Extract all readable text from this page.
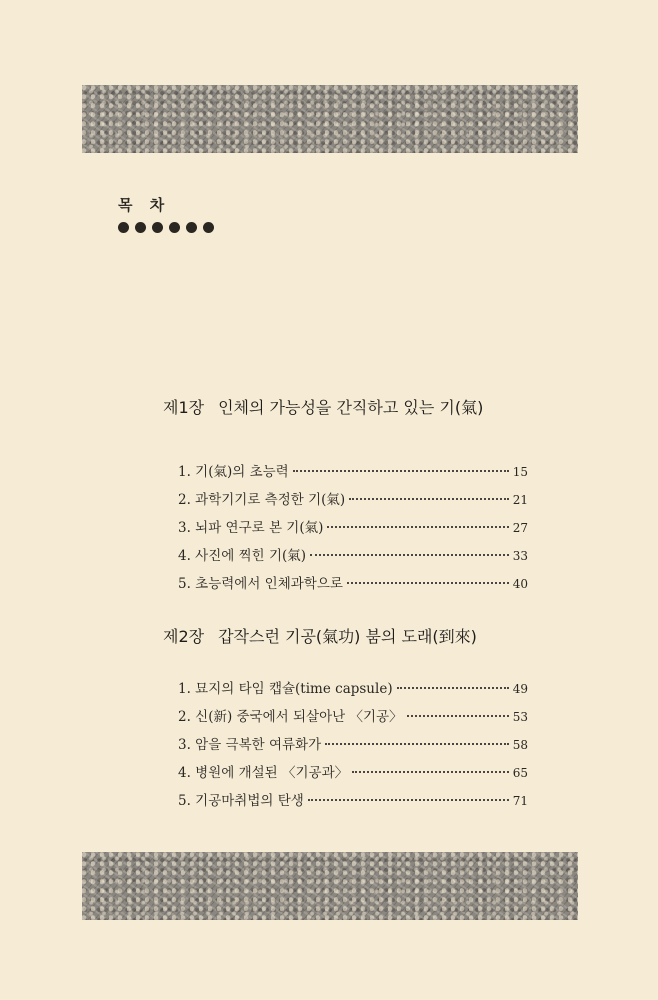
목 차
제1장 인체의 가능성을 간직하고 있는 기(氣)
1. 기(氣)의 초능력	15
2. 과학기기로 측정한 기(氣)	21
3. 뇌파 연구로 본 기(氣)	27
4. 사진에 찍힌 기(氣)	33
5. 초능력에서 인체과학으로	40
제2장 갑작스런 기공(氣功) 붐의 도래(到來)
1. 묘지의 타임 캡슐(time capsule)	49
2. 신(新) 중국에서 되살아난 〈기공〉	53
3. 암을 극복한 여류화가	58
4. 병원에 개설된 〈기공과〉	65
5. 기공마취법의 탄생	71
